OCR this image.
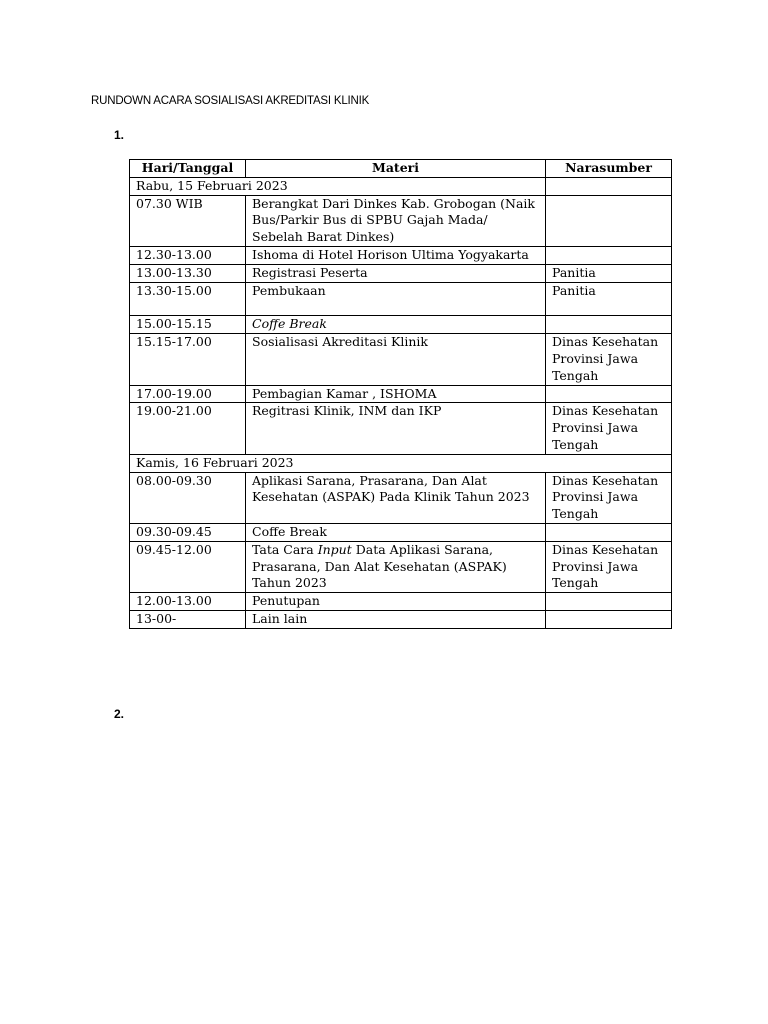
RUNDOWN ACARA SOSIALISASI AKREDITASI KLINIK
1.
Hari/Tanggal	Materi	Narasumber
Rabu, 15 Februari 2023		
07.30 WIB	Berangkat Dari Dinkes Kab. Grobogan (Naik Bus/Parkir Bus di SPBU Gajah Mada/ Sebelah Barat Dinkes)	
12.30-13.00	Ishoma di Hotel Horison Ultima Yogyakarta	
13.00-13.30	Registrasi Peserta	Panitia
13.30-15.00	Pembukaan	Panitia
15.00-15.15	Coffe Break	
15.15-17.00	Sosialisasi Akreditasi Klinik	Dinas Kesehatan Provinsi Jawa Tengah
17.00-19.00	Pembagian Kamar , ISHOMA	
19.00-21.00	Regitrasi Klinik, INM dan IKP	Dinas Kesehatan Provinsi Jawa Tengah
Kamis, 16 Februari 2023		
08.00-09.30	Aplikasi Sarana, Prasarana, Dan Alat Kesehatan (ASPAK) Pada Klinik Tahun 2023	Dinas Kesehatan Provinsi Jawa Tengah
09.30-09.45	Coffe Break	
09.45-12.00	Tata Cara Input Data Aplikasi Sarana, Prasarana, Dan Alat Kesehatan (ASPAK) Tahun 2023	Dinas Kesehatan Provinsi Jawa Tengah
12.00-13.00	Penutupan	
13-00-	Lain lain	
2.
